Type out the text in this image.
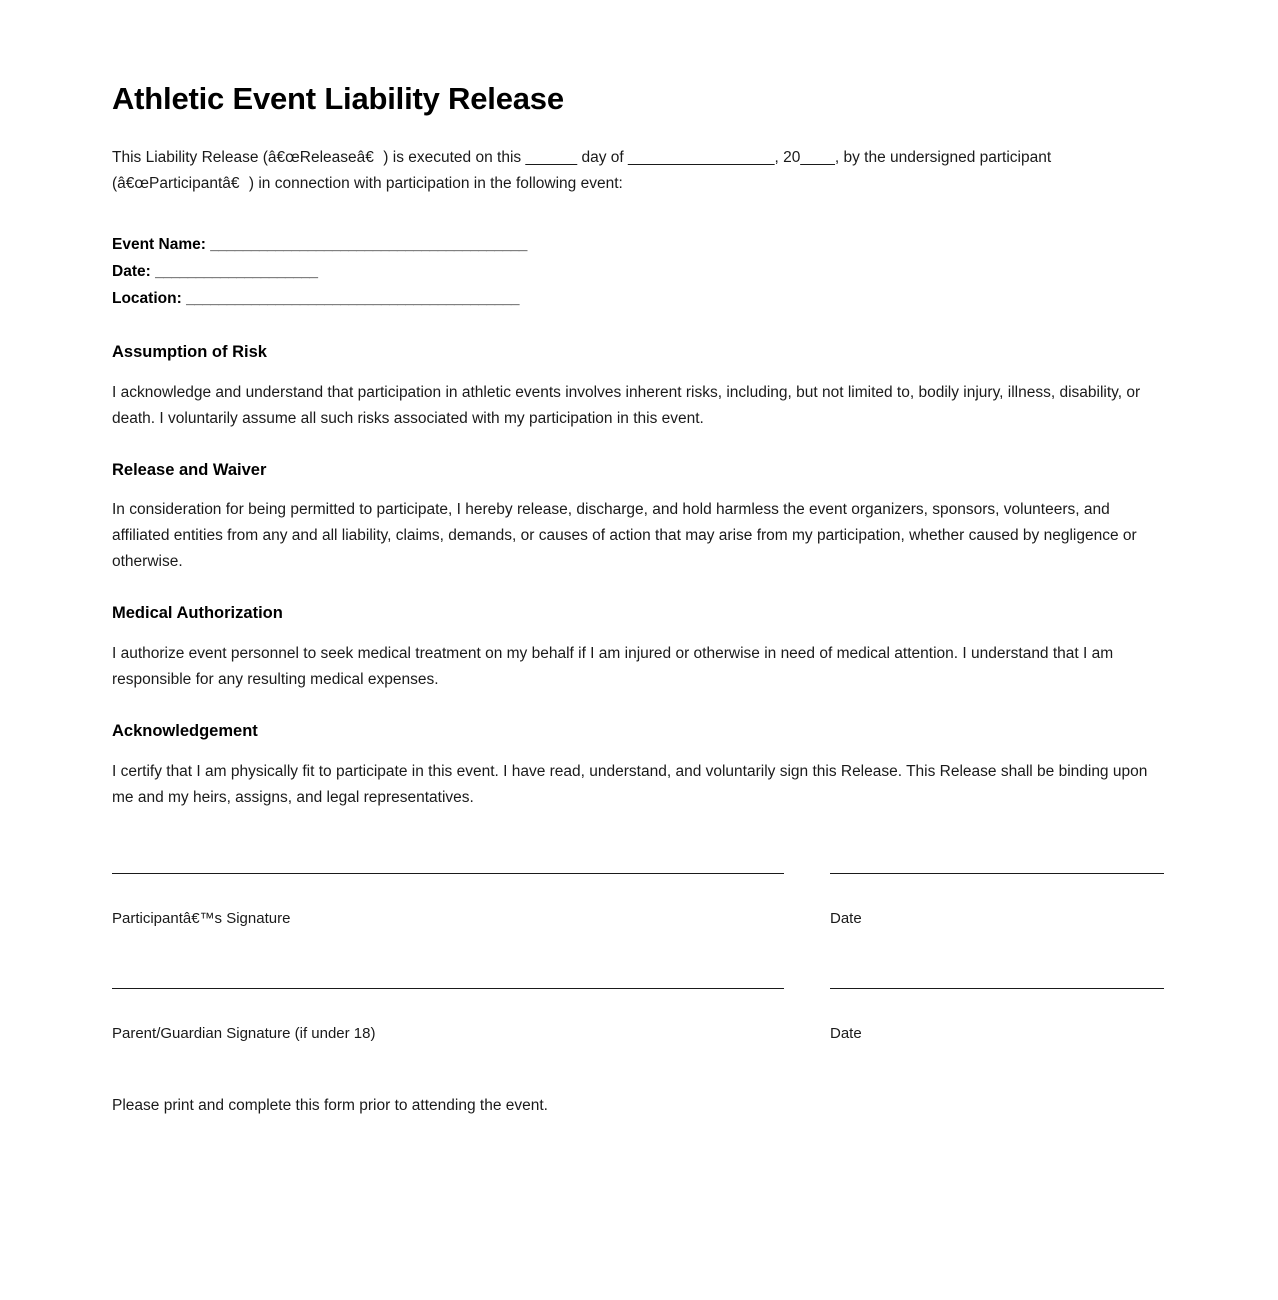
Athletic Event Liability Release

This Liability Release (â€œReleaseâ€) is executed on this ______ day of _________________, 20____, by the undersigned participant (â€œParticipantâ€) in connection with participation in the following event:

Event Name: _______________________________________
Date: ____________________
Location: _________________________________________
Assumption of Risk

I acknowledge and understand that participation in athletic events involves inherent risks, including, but not limited to, bodily injury, illness, disability, or death. I voluntarily assume all such risks associated with my participation in this event.

Release and Waiver

In consideration for being permitted to participate, I hereby release, discharge, and hold harmless the event organizers, sponsors, volunteers, and affiliated entities from any and all liability, claims, demands, or causes of action that may arise from my participation, whether caused by negligence or otherwise.

Medical Authorization

I authorize event personnel to seek medical treatment on my behalf if I am injured or otherwise in need of medical attention. I understand that I am responsible for any resulting medical expenses.

Acknowledgement

I certify that I am physically fit to participate in this event. I have read, understand, and voluntarily sign this Release. This Release shall be binding upon me and my heirs, assigns, and legal representatives.

Participantâ€™s Signature	Date
Parent/Guardian Signature (if under 18)	Date

Please print and complete this form prior to attending the event.
